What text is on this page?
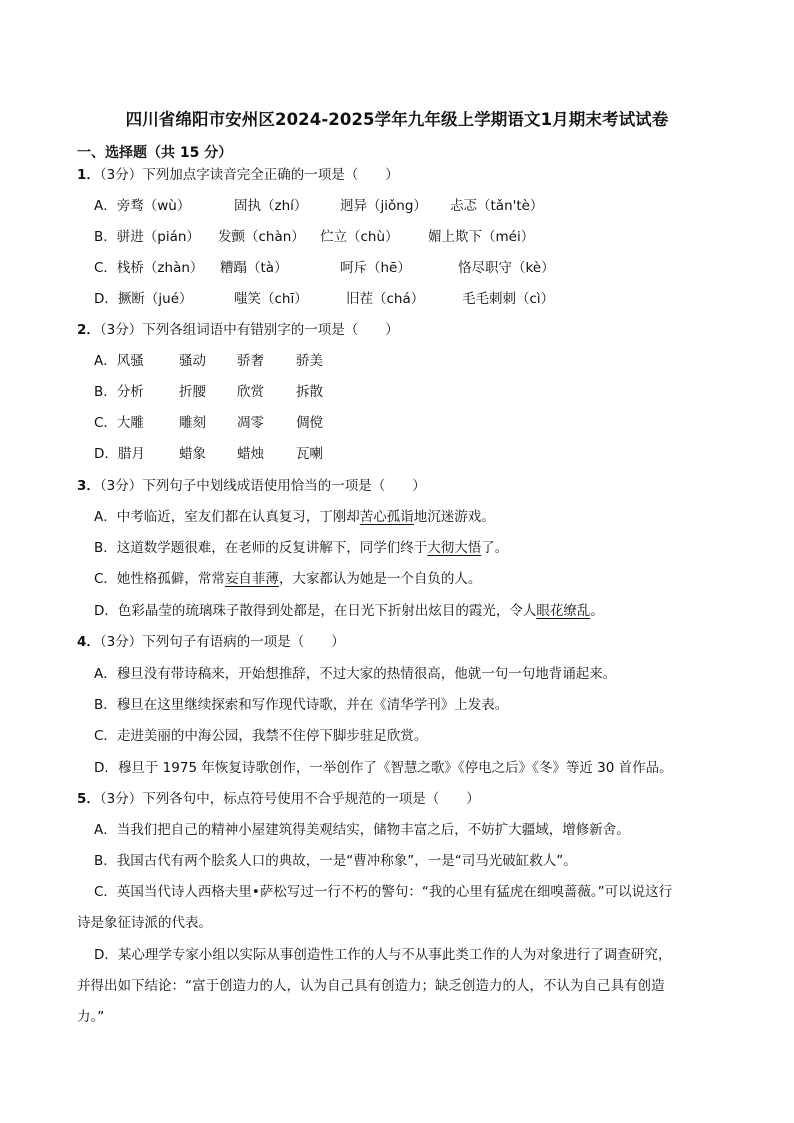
四川省绵阳市安州区2024-2025学年九年级上学期语文1月期末考试试卷
一、选择题（共 15 分）
1．（3分）下列加点字读音完全正确的一项是（　　）
A．旁骛（wù）	固执（zhí） 迥异（jiǒng） 忐忑（tǎn'tè）
B．骈进（pián） 发颤（chàn） 伫立（chù） 媚上欺下（méi）
C．栈桥（zhàn） 糟蹋（tà）	呵斥（hē）	恪尽职守（kè）
D．撅断（jué）	嗤笑（chī）	旧茬（chá）	毛毛刺刺（cì）
2．（3分）下列各组词语中有错别字的一项是（　　）
A．风骚	骚动 骄奢 骄美
B．分析	折腰 欣赏 拆散
C．大雕	雕刻 凋零 倜傥
D．腊月	蜡象 蜡烛 瓦喇
3．（3分）下列句子中划线成语使用恰当的一项是（　　）
A．中考临近，室友们都在认真复习，丁刚却苦心孤诣地沉迷游戏。
B．这道数学题很难，在老师的反复讲解下，同学们终于大彻大悟了。
C．她性格孤僻，常常妄自菲薄，大家都认为她是一个自负的人。
D．色彩晶莹的琉璃珠子散得到处都是，在日光下折射出炫目的霞光，令人眼花缭乱。
4．（3分）下列句子有语病的一项是（　　）
A．穆旦没有带诗稿来，开始想推辞，不过大家的热情很高，他就一句一句地背诵起来。
B．穆旦在这里继续探索和写作现代诗歌，并在《清华学刊》上发表。
C．走进美丽的中海公园，我禁不住停下脚步驻足欣赏。
D．穆旦于 1975 年恢复诗歌创作，一举创作了《智慧之歌》《停电之后》《冬》等近 30 首作品。
5．（3分）下列各句中，标点符号使用不合乎规范的一项是（　　）
A．当我们把自己的精神小屋建筑得美观结实，储物丰富之后，不妨扩大疆域，增修新舍。
B．我国古代有两个脍炙人口的典故，一是“曹冲称象”，一是“司马光破缸救人”。
C．英国当代诗人西格夫里•萨松写过一行不朽的警句：“我的心里有猛虎在细嗅蔷薇。”可以说这行
诗是象征诗派的代表。
D．某心理学专家小组以实际从事创造性工作的人与不从事此类工作的人为对象进行了调查研究，
并得出如下结论：“富于创造力的人，认为自己具有创造力；缺乏创造力的人，不认为自己具有创造
力。”
